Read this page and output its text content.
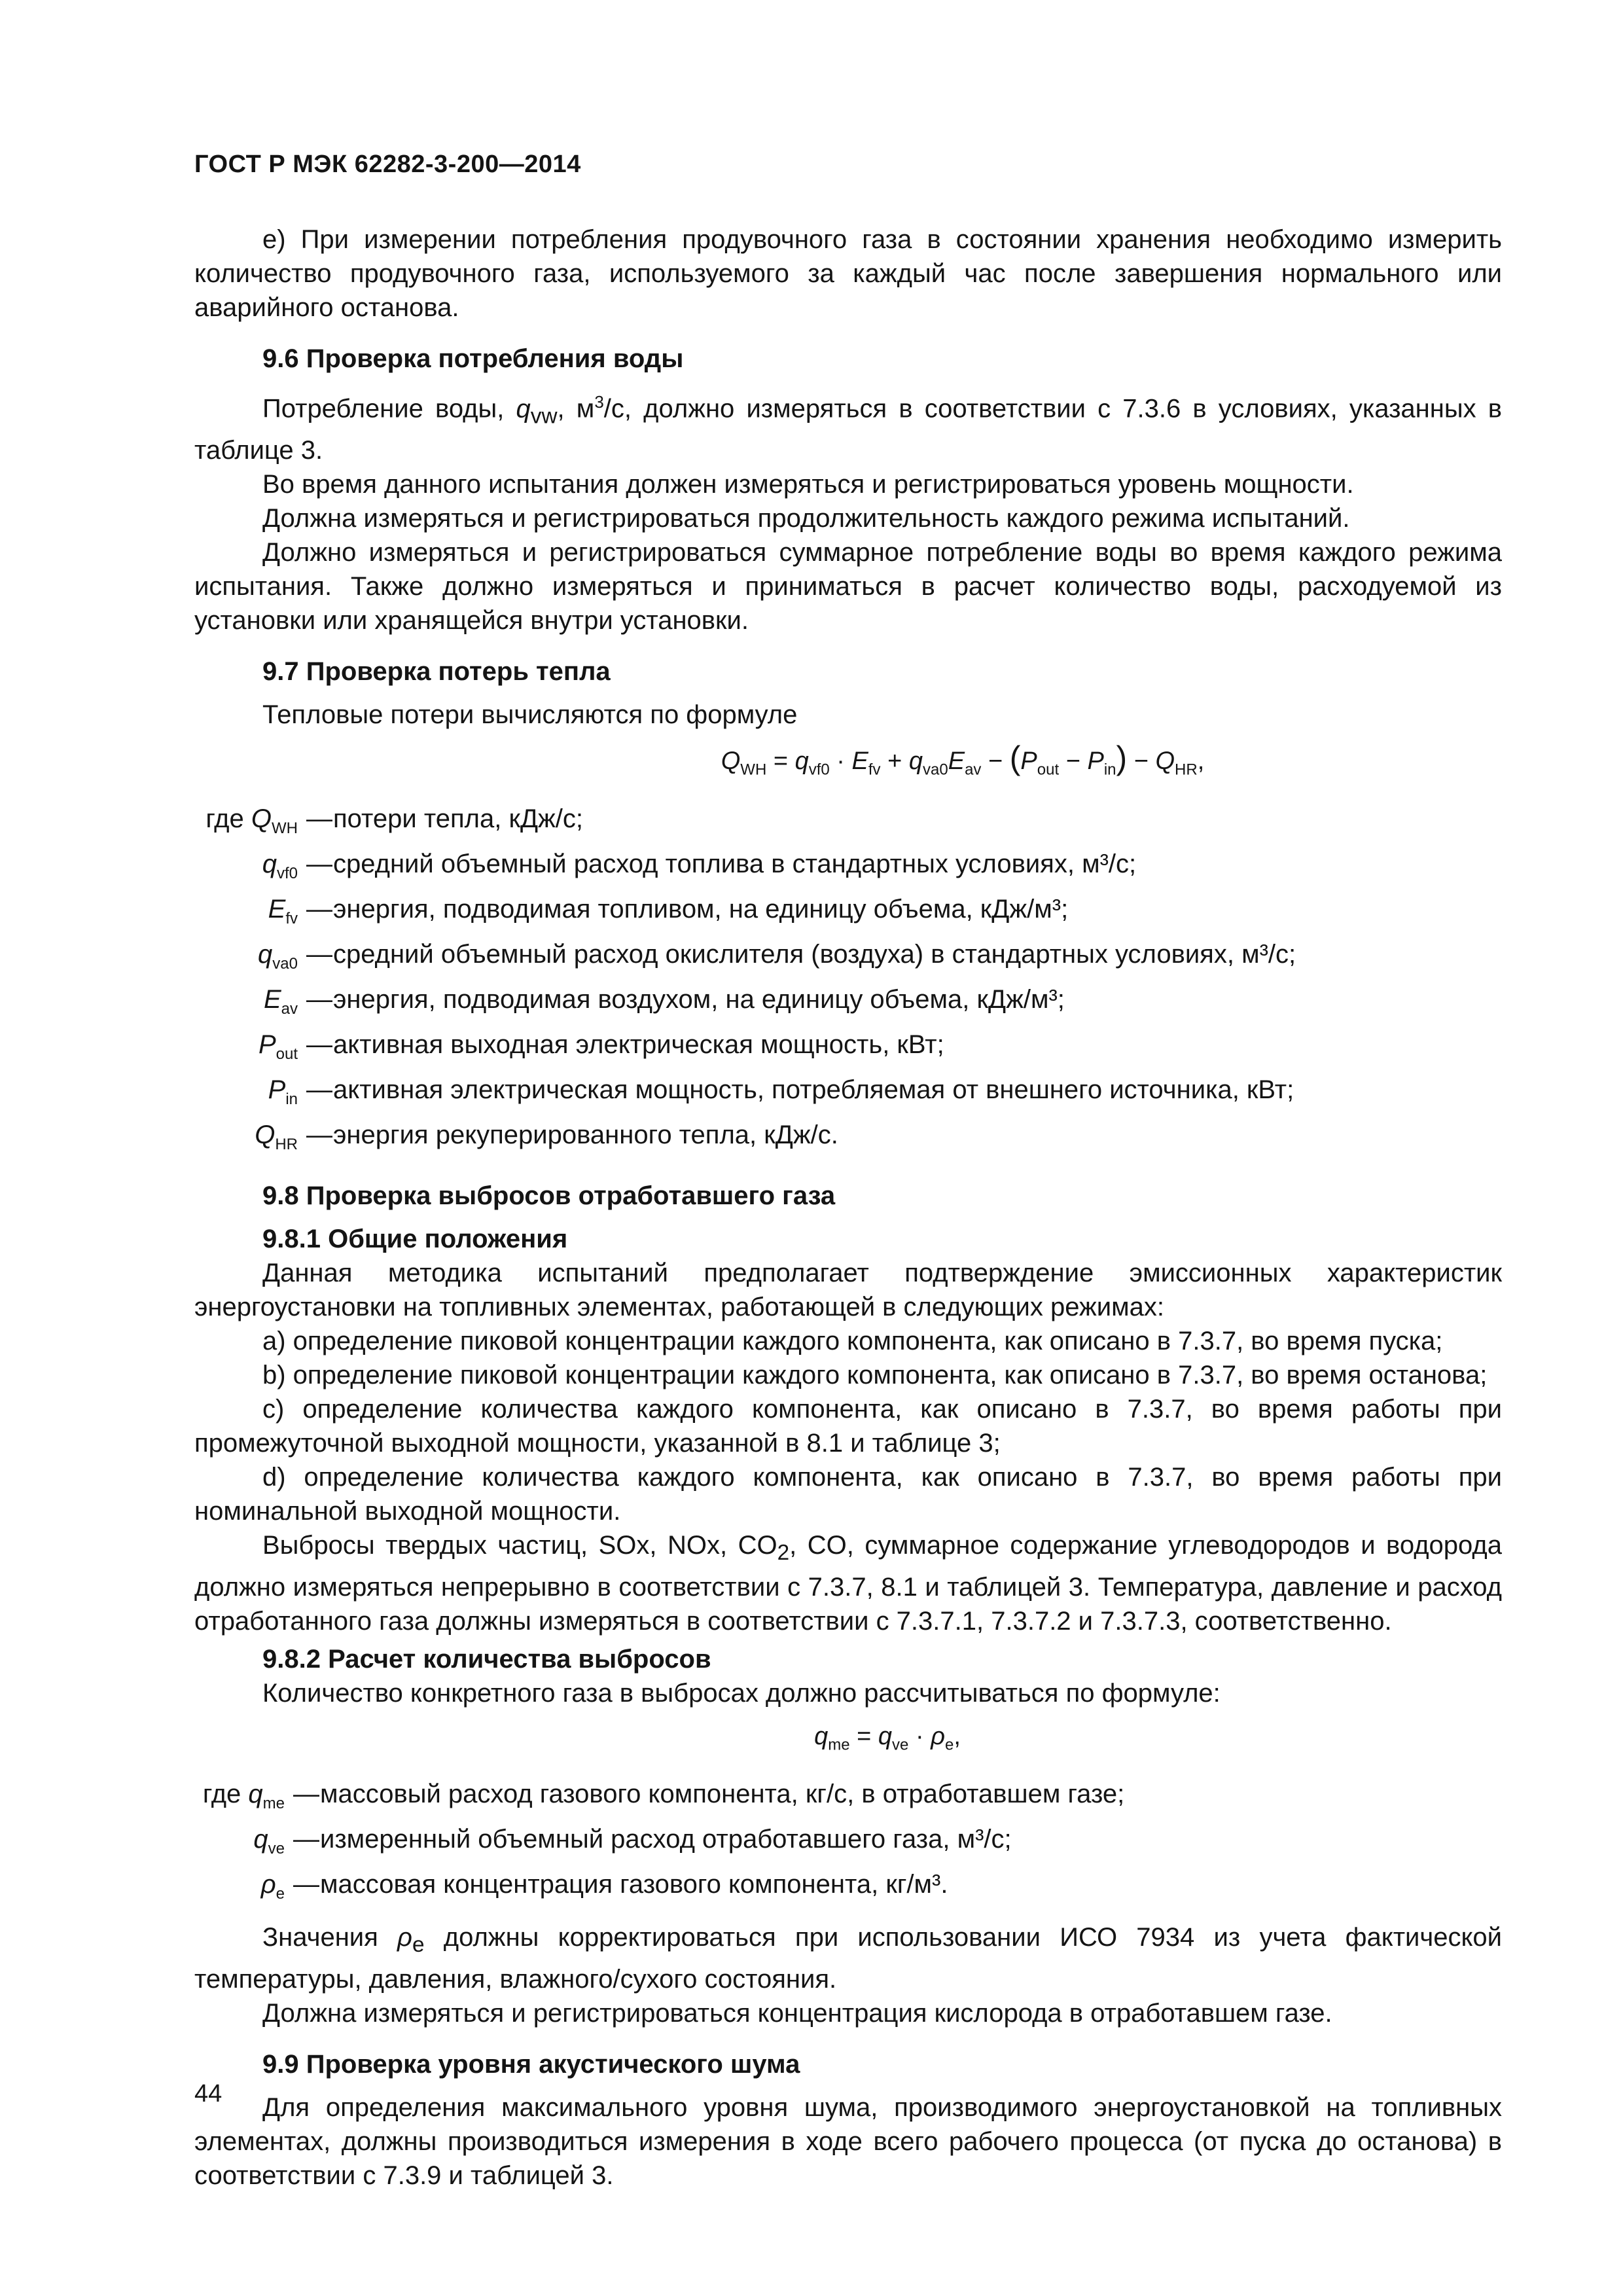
ГОСТ Р МЭК 62282-3-200—2014

е) При измерении потребления продувочного газа в состоянии хранения необходимо измерить количество продувочного газа, используемого за каждый час после завершения нормального или аварийного останова.

9.6 Проверка потребления воды

Потребление воды, $q_{vw}$, $м^3/с$, должно измеряться в соответствии с 7.3.6 в условиях, указанных в таблице 3.

Во время данного испытания должен измеряться и регистрироваться уровень мощности.

Должна измеряться и регистрироваться продолжительность каждого режима испытаний.

Должно измеряться и регистрироваться суммарное потребление воды во время каждого режима испытания. Также должно измеряться и приниматься в расчет количество воды, расходуемой из установки или хранящейся внутри установки.

9.7 Проверка потерь тепла

Тепловые потери вычисляются по формуле

$Q_{WH} = q_{vf0} \cdot E_{fv} + q_{va0}E_{av} - (P_{out} - P_{in}) - Q_{HR}$,
где $Q_{WH}$ — потери тепла, кДж/с;
$q_{vf0}$ — средний объемный расход топлива в стандартных условиях, м³/с;
$E_{fv}$ — энергия, подводимая топливом, на единицу объема, кДж/м³;
$q_{va0}$ — средний объемный расход окислителя (воздуха) в стандартных условиях, м³/с;
$E_{av}$ — энергия, подводимая воздухом, на единицу объема, кДж/м³;
$P_{out}$ — активная выходная электрическая мощность, кВт;
$P_{in}$ — активная электрическая мощность, потребляемая от внешнего источника, кВт;
$Q_{HR}$ — энергия рекуперированного тепла, кДж/с.

9.8 Проверка выбросов отработавшего газа

9.8.1 Общие положения

Данная методика испытаний предполагает подтверждение эмиссионных характеристик энергоустановки на топливных элементах, работающей в следующих режимах:

а) определение пиковой концентрации каждого компонента, как описано в 7.3.7, во время пуска;

b) определение пиковой концентрации каждого компонента, как описано в 7.3.7, во время останова;

с) определение количества каждого компонента, как описано в 7.3.7, во время работы при промежуточной выходной мощности, указанной в 8.1 и таблице 3;

d) определение количества каждого компонента, как описано в 7.3.7, во время работы при номинальной выходной мощности.

Выбросы твердых частиц, SOx, NOx, $CO_2$, CO, суммарное содержание углеводородов и водорода должно измеряться непрерывно в соответствии с 7.3.7, 8.1 и таблицей 3. Температура, давление и расход отработанного газа должны измеряться в соответствии с 7.3.7.1, 7.3.7.2 и 7.3.7.3, соответственно.

9.8.2 Расчет количества выбросов

Количество конкретного газа в выбросах должно рассчитываться по формуле:

$q_{me} = q_{ve} \cdot \rho_e$,
где $q_{me}$ — массовый расход газового компонента, кг/с, в отработавшем газе;
$q_{ve}$ — измеренный объемный расход отработавшего газа, м³/с;
$\rho_e$ — массовая концентрация газового компонента, кг/м³.

Значения $\rho_e$ должны корректироваться при использовании ИСО 7934 из учета фактической температуры, давления, влажного/сухого состояния.

Должна измеряться и регистрироваться концентрация кислорода в отработавшем газе.

9.9 Проверка уровня акустического шума

Для определения максимального уровня шума, производимого энергоустановкой на топливных элементах, должны производиться измерения в ходе всего рабочего процесса (от пуска до останова) в соответствии с 7.3.9 и таблицей 3.

44
